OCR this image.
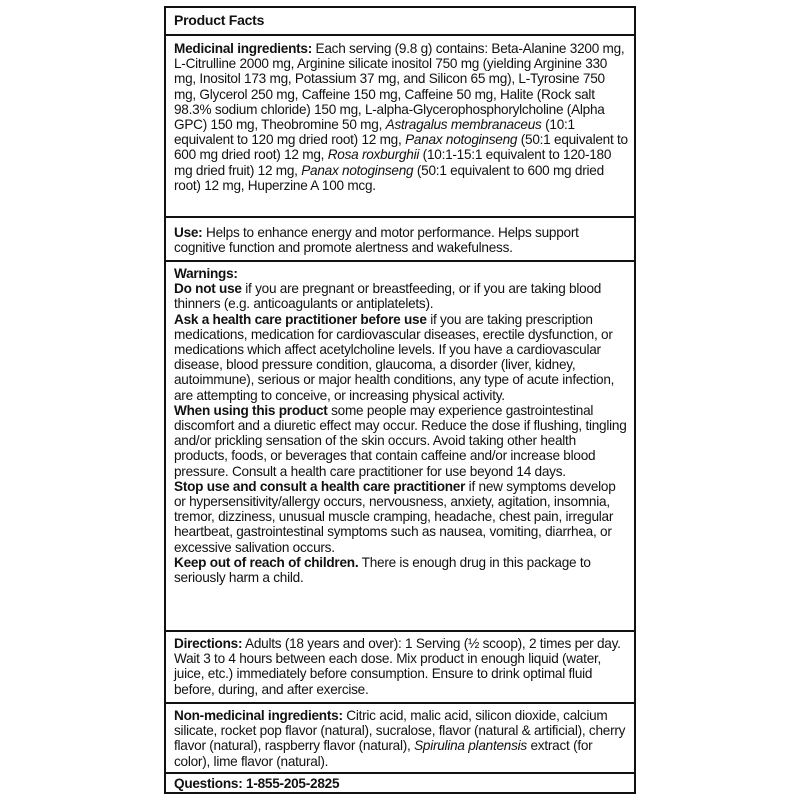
Product Facts
Medicinal ingredients: Each serving (9.8 g) contains: Beta-Alanine 3200 mg, L-Citrulline 2000 mg, Arginine silicate inositol 750 mg (yielding Arginine 330 mg, Inositol 173 mg, Potassium 37 mg, and Silicon 65 mg), L-Tyrosine 750 mg, Glycerol 250 mg, Caffeine 150 mg, Caffeine 50 mg, Halite (Rock salt 98.3% sodium chloride) 150 mg, L-alpha-Glycerophosphorylcholine (Alpha GPC) 150 mg, Theobromine 50 mg, Astragalus membranaceus (10:1 equivalent to 120 mg dried root) 12 mg, Panax notoginseng (50:1 equivalent to 600 mg dried root) 12 mg, Rosa roxburghii (10:1-15:1 equivalent to 120-180 mg dried fruit) 12 mg, Panax notoginseng (50:1 equivalent to 600 mg dried root) 12 mg, Huperzine A 100 mcg.
Use: Helps to enhance energy and motor performance. Helps support cognitive function and promote alertness and wakefulness.
Warnings:
Do not use if you are pregnant or breastfeeding, or if you are taking blood thinners (e.g. anticoagulants or antiplatelets).
Ask a health care practitioner before use if you are taking prescription medications, medication for cardiovascular diseases, erectile dysfunction, or medications which affect acetylcholine levels. If you have a cardiovascular disease, blood pressure condition, glaucoma, a disorder (liver, kidney, autoimmune), serious or major health conditions, any type of acute infection, are attempting to conceive, or increasing physical activity.
When using this product some people may experience gastrointestinal discomfort and a diuretic effect may occur. Reduce the dose if flushing, tingling and/or prickling sensation of the skin occurs. Avoid taking other health products, foods, or beverages that contain caffeine and/or increase blood pressure. Consult a health care practitioner for use beyond 14 days.
Stop use and consult a health care practitioner if new symptoms develop or hypersensitivity/allergy occurs, nervousness, anxiety, agitation, insomnia, tremor, dizziness, unusual muscle cramping, headache, chest pain, irregular heartbeat, gastrointestinal symptoms such as nausea, vomiting, diarrhea, or excessive salivation occurs.
Keep out of reach of children. There is enough drug in this package to seriously harm a child.
Directions: Adults (18 years and over): 1 Serving (½ scoop), 2 times per day. Wait 3 to 4 hours between each dose. Mix product in enough liquid (water, juice, etc.) immediately before consumption. Ensure to drink optimal fluid before, during, and after exercise.
Non-medicinal ingredients: Citric acid, malic acid, silicon dioxide, calcium silicate, rocket pop flavor (natural), sucralose, flavor (natural & artificial), cherry flavor (natural), raspberry flavor (natural), Spirulina plantensis extract (for color), lime flavor (natural).
Questions: 1-855-205-2825
